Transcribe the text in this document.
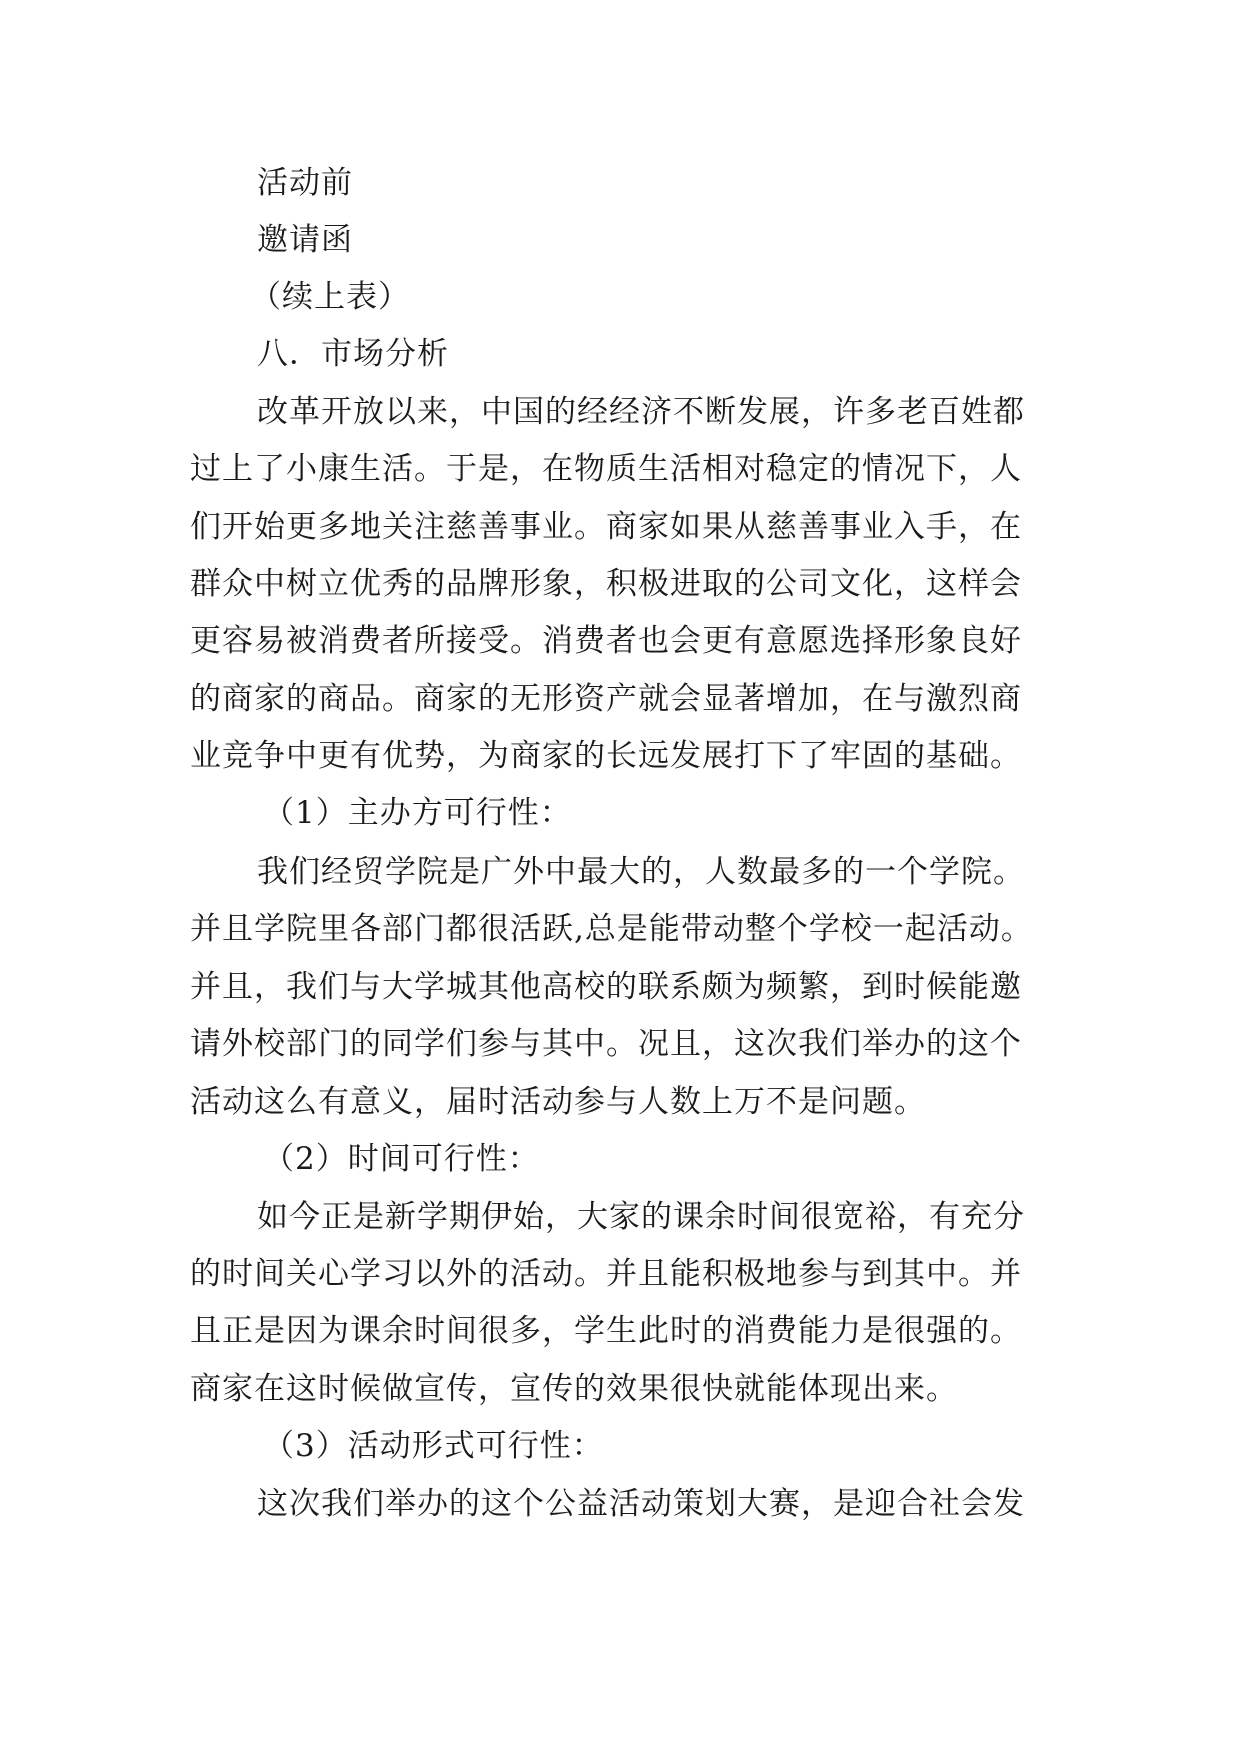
活动前
邀请函
（续上表）
八．市场分析
改革开放以来，中国的经经济不断发展，许多老百姓都
过上了小康生活。于是，在物质生活相对稳定的情况下，人
们开始更多地关注慈善事业。商家如果从慈善事业入手，在
群众中树立优秀的品牌形象，积极进取的公司文化，这样会
更容易被消费者所接受。消费者也会更有意愿选择形象良好
的商家的商品。商家的无形资产就会显著增加，在与激烈商
业竞争中更有优势，为商家的长远发展打下了牢固的基础。
（1）主办方可行性：
我们经贸学院是广外中最大的，人数最多的一个学院。
并且学院里各部门都很活跃,总是能带动整个学校一起活动。
并且，我们与大学城其他高校的联系颇为频繁，到时候能邀
请外校部门的同学们参与其中。况且，这次我们举办的这个
活动这么有意义，届时活动参与人数上万不是问题。
（2）时间可行性：
如今正是新学期伊始，大家的课余时间很宽裕，有充分
的时间关心学习以外的活动。并且能积极地参与到其中。并
且正是因为课余时间很多，学生此时的消费能力是很强的。
商家在这时候做宣传，宣传的效果很快就能体现出来。
（3）活动形式可行性：
这次我们举办的这个公益活动策划大赛，是迎合社会发
